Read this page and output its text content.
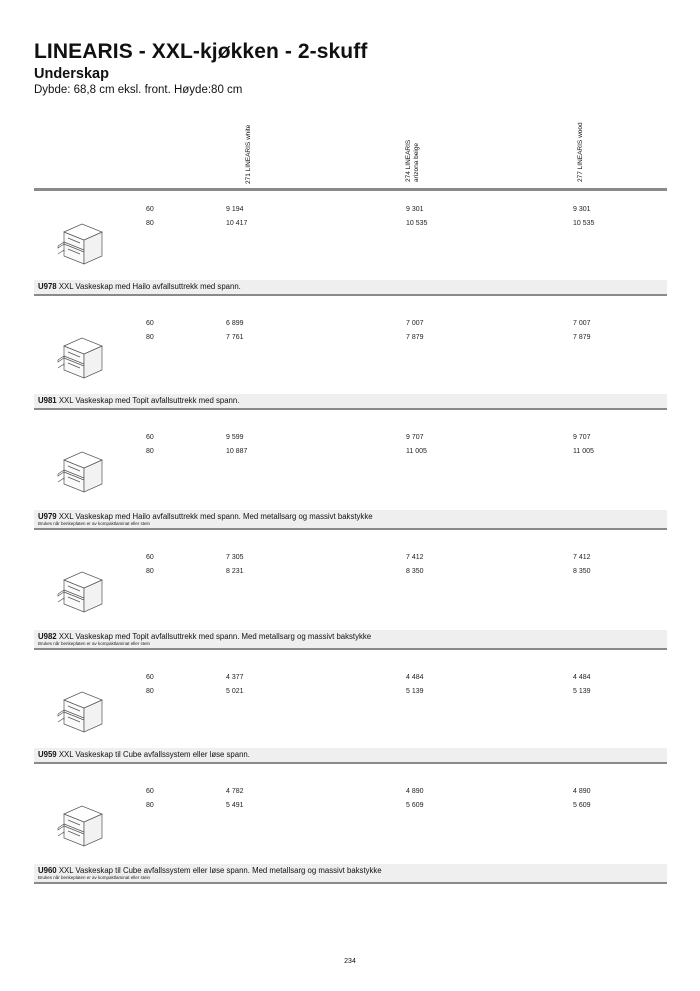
LINEARIS - XXL-kjøkken - 2-skuff
Underskap
Dybde: 68,8 cm eksl. front. Høyde:80 cm
271 LINEARIS white	274 LINEARIS arizona beige	277 LINEARIS wood
60	9 194	9 301	9 301
80	10 417	10 535	10 535
U978 XXL Vaskeskap med Hailo avfallsuttrekk med spann.
60	6 899	7 007	7 007
80	7 761	7 879	7 879
U981 XXL Vaskeskap med Topit avfallsuttrekk med spann.
60	9 599	9 707	9 707
80	10 887	11 005	11 005
U979 XXL Vaskeskap med Hailo avfallsuttrekk med spann. Med metallsarg og massivt bakstykke
Brukes når benkeplaten er av kompaktlaminat eller stein
60	7 305	7 412	7 412
80	8 231	8 350	8 350
U982 XXL Vaskeskap med Topit avfallsuttrekk med spann. Med metallsarg og massivt bakstykke
Brukes når benkeplaten er av kompaktlaminat eller stein
60	4 377	4 484	4 484
80	5 021	5 139	5 139
U959 XXL Vaskeskap til Cube avfallssystem eller løse spann.
60	4 782	4 890	4 890
80	5 491	5 609	5 609
U960 XXL Vaskeskap til Cube avfallssystem eller løse spann. Med metallsarg og massivt bakstykke
Brukes når benkeplaten er av kompaktlaminat eller stein
234
